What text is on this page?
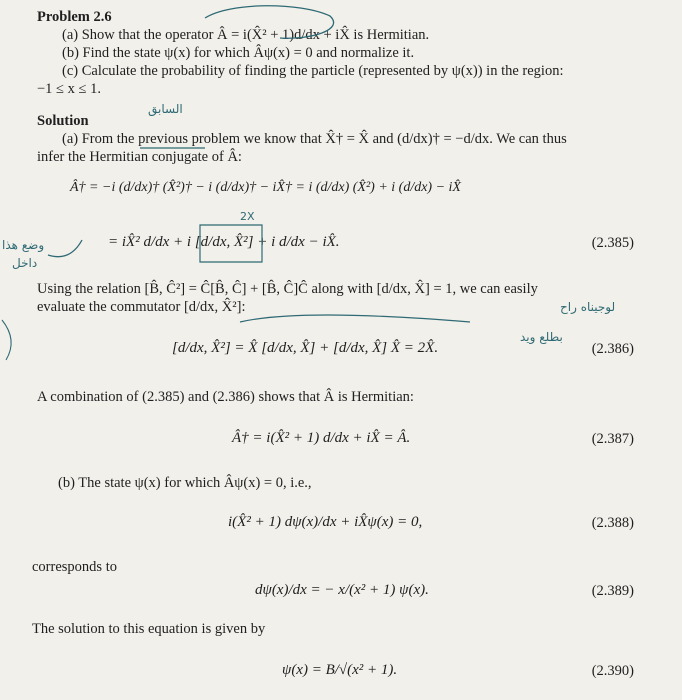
Problem 2.6
(a) Show that the operator Â = i(X̂² + 1)d/dx + iX̂ is Hermitian.
(b) Find the state ψ(x) for which Âψ(x) = 0 and normalize it.
(c) Calculate the probability of finding the particle (represented by ψ(x)) in the region:
−1 ≤ x ≤ 1.
Solution
(a) From the previous problem we know that X̂† = X̂ and (d/dx)† = −d/dx. We can thus
infer the Hermitian conjugate of Â:
Â† = −i (d/dx)† (X̂²)† − i (d/dx)† − iX̂† = i (d/dx) (X̂²) + i (d/dx) − iX̂
= iX̂² d/dx + i [d/dx, X̂²] + i d/dx − iX̂.	(2.385)
Using the relation [B̂, Ĉ²] = Ĉ[B̂, Ĉ] + [B̂, Ĉ]Ĉ along with [d/dx, X̂] = 1, we can easily
evaluate the commutator [d/dx, X̂²]:
[d/dx, X̂²] = X̂ [d/dx, X̂] + [d/dx, X̂] X̂ = 2X̂.	(2.386)
A combination of (2.385) and (2.386) shows that Â is Hermitian:
Â† = i(X̂² + 1) d/dx + iX̂ = Â.	(2.387)
(b) The state ψ(x) for which Âψ(x) = 0, i.e.,
i(X̂² + 1) dψ(x)/dx + iX̂ψ(x) = 0,	(2.388)
corresponds to
dψ(x)/dx = − x/(x² + 1) ψ(x).	(2.389)
The solution to this equation is given by
ψ(x) = B/√(x² + 1).	(2.390)
السابق
2X
وضع هذا
داخل
لوجيناه راح
بطلع ويد
